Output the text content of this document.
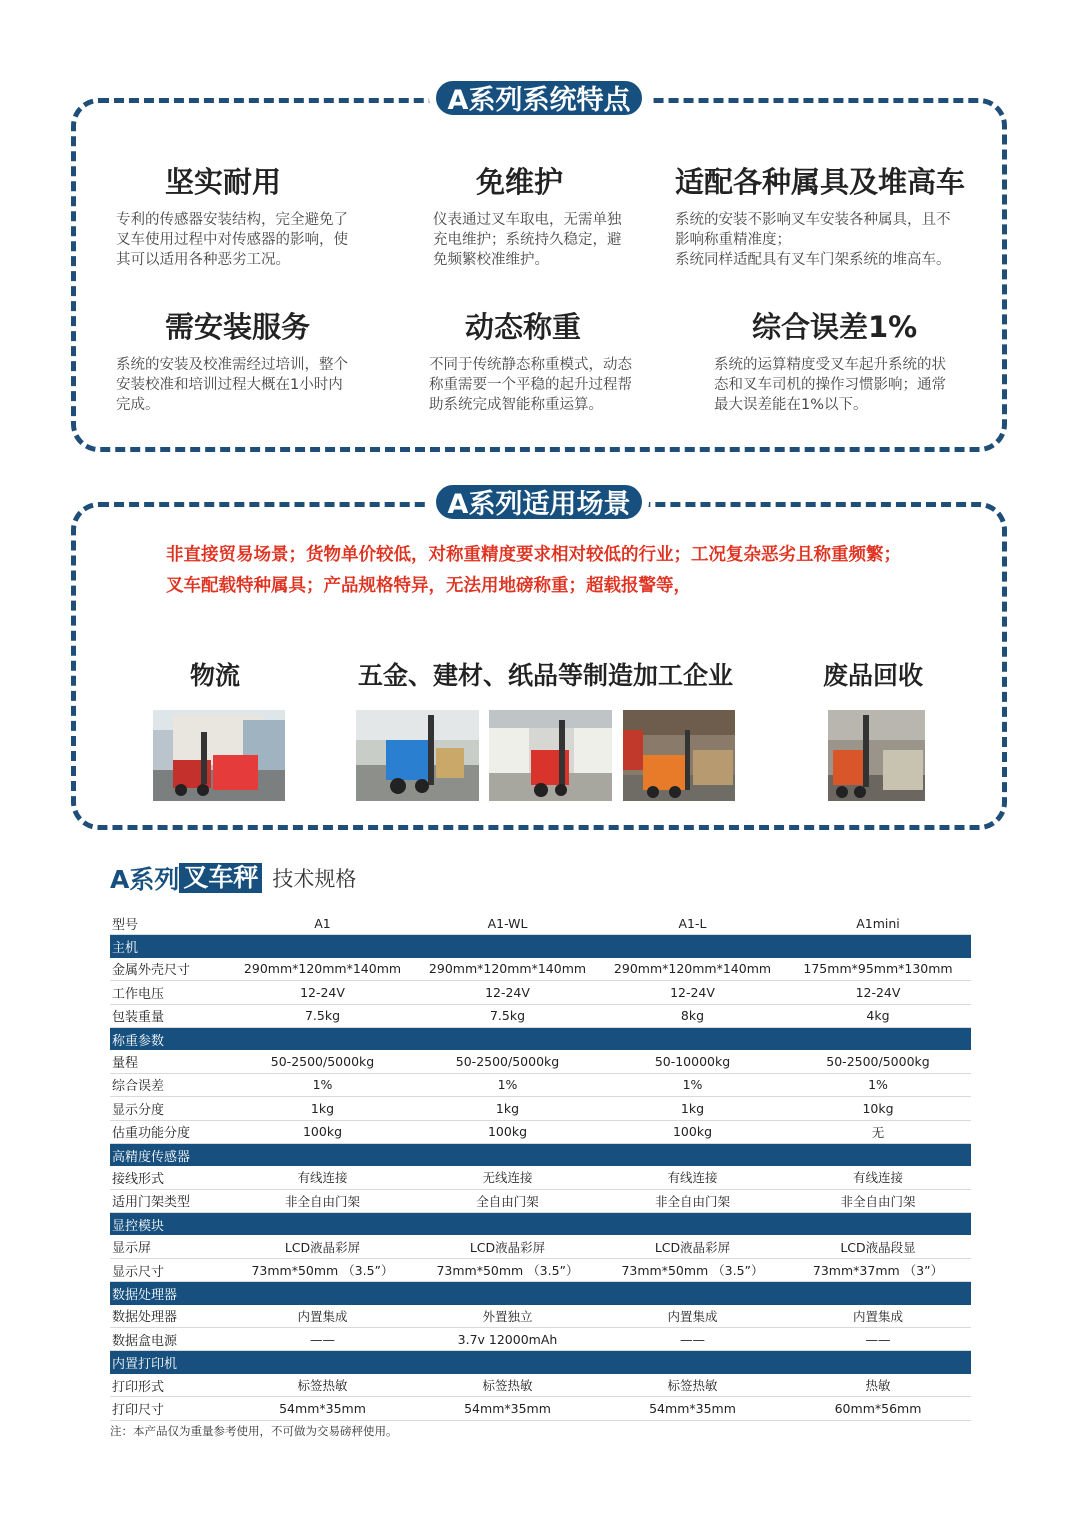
A系列系统特点
坚实耐用
专利的传感器安装结构，完全避免了
叉车使用过程中对传感器的影响，使
其可以适用各种恶劣工况。
免维护
仪表通过叉车取电，无需单独
充电维护；系统持久稳定，避
免频繁校准维护。
适配各种属具及堆高车
系统的安装不影响叉车安装各种属具，且不
影响称重精准度；
系统同样适配具有叉车门架系统的堆高车。
需安装服务
系统的安装及校准需经过培训，整个
安装校准和培训过程大概在1小时内
完成。
动态称重
不同于传统静态称重模式，动态
称重需要一个平稳的起升过程帮
助系统完成智能称重运算。
综合误差1%
系统的运算精度受叉车起升系统的状
态和叉车司机的操作习惯影响；通常
最大误差能在1%以下。
A系列适用场景
非直接贸易场景；货物单价较低，对称重精度要求相对较低的行业；工况复杂恶劣且称重频繁；
叉车配载特种属具；产品规格特异，无法用地磅称重；超载报警等，
物流	五金、建材、纸品等制造加工企业	废品回收
A系列 叉车秤 技术规格
型号	A1	A1-WL	A1-L	A1mini
主机				
金属外壳尺寸	290mm*120mm*140mm	290mm*120mm*140mm	290mm*120mm*140mm	175mm*95mm*130mm
工作电压	12-24V	12-24V	12-24V	12-24V
包装重量	7.5kg	7.5kg	8kg	4kg
称重参数				
量程	50-2500/5000kg	50-2500/5000kg	50-10000kg	50-2500/5000kg
综合误差	1%	1%	1%	1%
显示分度	1kg	1kg	1kg	10kg
估重功能分度	100kg	100kg	100kg	无
高精度传感器				
接线形式	有线连接	无线连接	有线连接	有线连接
适用门架类型	非全自由门架	全自由门架	非全自由门架	非全自由门架
显控模块				
显示屏	LCD液晶彩屏	LCD液晶彩屏	LCD液晶彩屏	LCD液晶段显
显示尺寸	73mm*50mm （3.5”）	73mm*50mm （3.5”）	73mm*50mm （3.5”）	73mm*37mm （3”）
数据处理器				
数据处理器	内置集成	外置独立	内置集成	内置集成
数据盒电源	——	3.7v 12000mAh	——	——
内置打印机				
打印形式	标签热敏	标签热敏	标签热敏	热敏
打印尺寸	54mm*35mm	54mm*35mm	54mm*35mm	60mm*56mm
注：本产品仅为重量参考使用，不可做为交易磅秤使用。
